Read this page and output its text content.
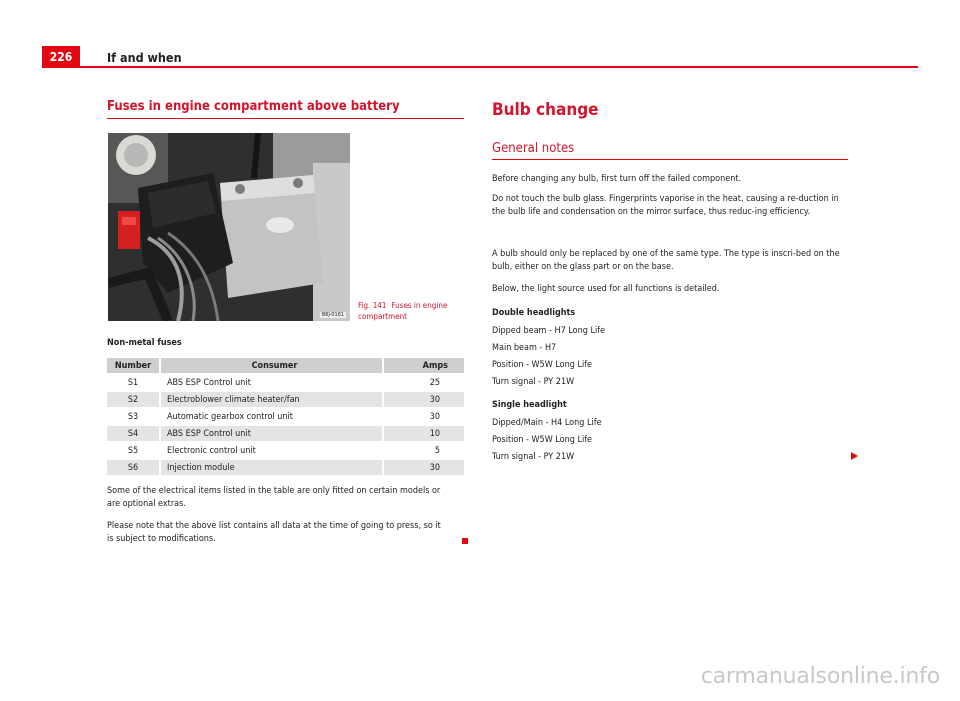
226	If and when
Fuses in engine compartment above battery
B6J-0161
Fig. 141 Fuses in engine compartment
Non-metal fuses
Number	Consumer	Amps
S1	ABS ESP Control unit	25
S2	Electroblower climate heater/fan	30
S3	Automatic gearbox control unit	30
S4	ABS ESP Control unit	10
S5	Electronic control unit	5
S6	Injection module	30

Some of the electrical items listed in the table are only fitted on certain models or are optional extras.

Please note that the above list contains all data at the time of going to press, so it is subject to modifications.

Bulb change
General notes

Before changing any bulb, first turn off the failed component.

Do not touch the bulb glass. Fingerprints vaporise in the heat, causing a re-duction in the bulb life and condensation on the mirror surface, thus reduc-ing efficiency.

A bulb should only be replaced by one of the same type. The type is inscri-bed on the bulb, either on the glass part or on the base.

Below, the light source used for all functions is detailed.

Double headlights

Dipped beam - H7 Long Life

Main beam - H7

Position - W5W Long Life

Turn signal - PY 21W

Single headlight

Dipped/Main - H4 Long Life

Position - W5W Long Life

Turn signal - PY 21W

carmanualsonline.info
